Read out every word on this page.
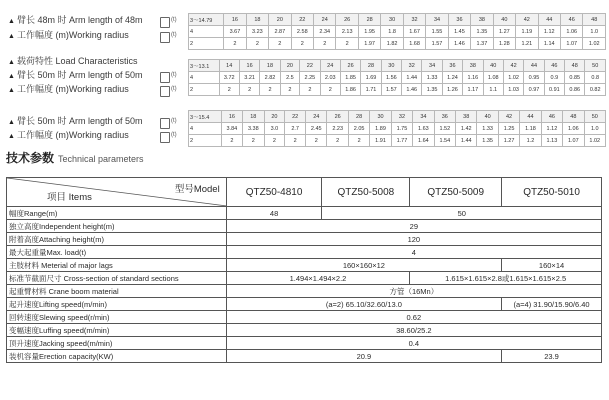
▲ 臂长 48m 时 Arm length of 48m
▲ 工作幅度 (m)Working radius
(t)
(t)
3～14.79	16	18	20	22	24	26	28	30	32	34	36	38	40	42	44	46	48
4	3.67	3.23	2.87	2.58	2.34	2.13	1.95	1.8	1.67	1.55	1.45	1.35	1.27	1.19	1.12	1.06	1.0
2	2	2	2	2	2	2	1.97	1.82	1.68	1.57	1.46	1.37	1.28	1.21	1.14	1.07	1.02
▲ 载荷特性 Load Characteristics
▲ 臂长 50m 时 Arm length of 50m
▲ 工作幅度 (m)Working radius
(t)
(t)
3～13.1	14	16	18	20	22	24	26	28	30	32	34	36	38	40	42	44	46	48	50
4	3.72	3.21	2.82	2.5	2.25	2.03	1.85	1.69	1.56	1.44	1.33	1.24	1.16	1.08	1.02	0.95	0.9	0.85	0.8
2	2	2	2	2	2	2	1.86	1.71	1.57	1.46	1.35	1.26	1.17	1.1	1.03	0.97	0.91	0.86	0.82
▲ 臂长 50m 时 Arm length of 50m
▲ 工作幅度 (m)Working radius
(t)
(t)
3～15.4	16	18	20	22	24	26	28	30	32	34	36	38	40	42	44	46	48	50
4	3.84	3.38	3.0	2.7	2.45	2.23	2.05	1.89	1.75	1.63	1.52	1.42	1.33	1.25	1.18	1.12	1.06	1.0
2	2	2	2	2	2	2	2	1.91	1.77	1.64	1.54	1.44	1.35	1.27	1.2	1.13	1.07	1.02
技术参数 Technical parameters
型号Model
项目 Items	QTZ50-4810	QTZ50-5008	QTZ50-5009	QTZ50-5010
幅度Range(m)	48	50		
独立高度Independent height(m)	29			
附着高度Attaching height(m)	120			
最大起重量Max. load(t)	4			
主肢材料 Meterial of major lags	160×160×12			160×14
标准节截面尺寸 Cross-section of standard sections	1.494×1.494×2.2		1.615×1.615×2.8或1.615×1.615×2.5	
起重臂材料 Crane boom material	方管（16Mn）			
起升速度Lifting speed(m/min)	(a=2) 65.10/32.60/13.0			(a=4) 31.90/15.90/6.40
回转速度Slewing speed(r/min)	0.62			
变幅速度Luffing speed(m/min)	38.60/25.2			
顶升速度Jacking speed(m/min)	0.4			
装机容量Erection capacity(KW)	20.9			23.9
